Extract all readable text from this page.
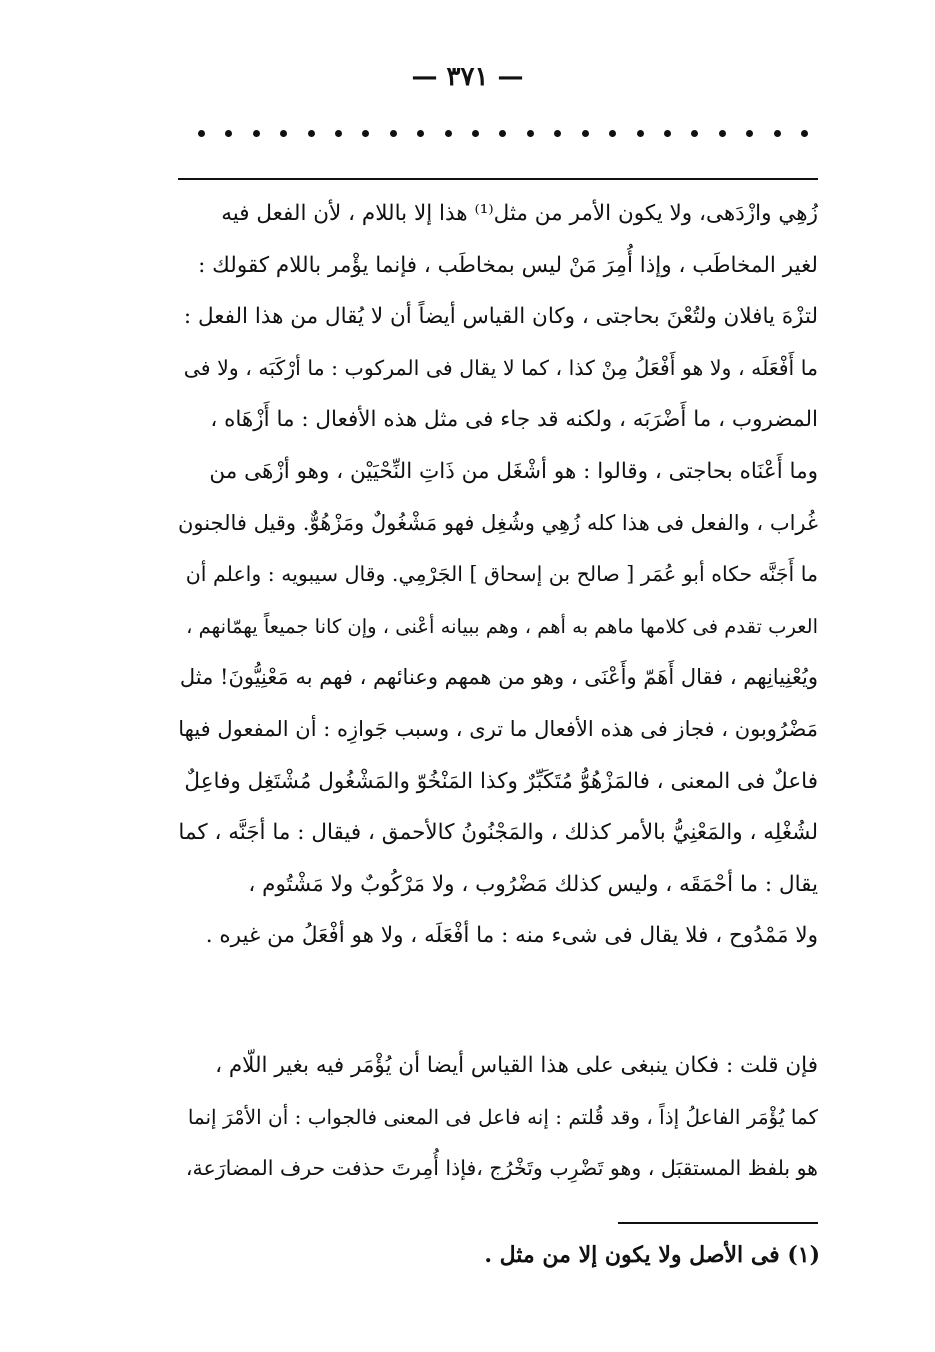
— ٣٧١ —
زُهِي وازْدَهى، ولا يكون الأمر من مثل⁽¹⁾ هذا إلا باللام ، لأن الفعل فيه
لغير المخاطَب ، وإذا أُمِرَ مَنْ ليس بمخاطَب ، فإنما يؤْمر باللام كقولك :
لتزْهَ يافلان ولتُعْنَ بحاجتى ، وكان القياس أيضاً أن لا يُقال من هذا الفعل :
ما أَفْعَلَه ، ولا هو أَفْعَلُ مِنْ كذا ، كما لا يقال فى المركوب : ما أرْكَبَه ، ولا فى
المضروب ، ما أَضْرَبَه ، ولكنه قد جاء فى مثل هذه الأفعال : ما أَزْهَاه ،
وما أَعْنَاه بحاجتى ، وقالوا : هو أشْغَل من ذَاتِ النِّحْيَيْن ، وهو أزْهَى من
غُراب ، والفعل فى هذا كله زُهِي وشُغِل فهو مَشْغُولٌ ومَزْهُوٌّ. وقيل فالجنون
ما أَجَنَّه حكاه أبو عُمَر [ صالح بن إسحاق ] الجَرْمِي. وقال سيبويه : واعلم أن
العرب تقدم فى كلامها ماهم به أهم ، وهم ببيانه أعْنى ، وإن كانا جميعاً يهمّانهم ،
ويُعْنِيانِهم ، فقال أَهَمّ وأَعْنَى ، وهو من همهم وعنائهم ، فهم به مَعْنِيُّونَ! مثل
مَضْرُوبون ، فجاز فى هذه الأفعال ما ترى ، وسبب جَوازِه : أن المفعول فيها
فاعلٌ فى المعنى ، فالمَزْهُوُّ مُتَكَبِّرٌ وكذا المَنْخُوّ والمَشْغُول مُشْتَغِل وفاعِلٌ
لشُغْلِه ، والمَعْنِيُّ بالأمر كذلك ، والمَجْنُونُ كالأحمق ، فيقال : ما أجَنَّه ، كما
يقال : ما أحْمَقَه ، وليس كذلك مَضْرُوب ، ولا مَرْكُوبٌ ولا مَشْتُوم ،
ولا مَمْدُوح ، فلا يقال فى شىء منه : ما أفْعَلَه ، ولا هو أفْعَلُ من غيره .
فإن قلت : فكان ينبغى على هذا القياس أيضا أن يُؤْمَر فيه بغير اللّام ،
كما يُؤْمَر الفاعلُ إذاً ، وقد قُلتم : إنه فاعل فى المعنى فالجواب : أن الأمْرَ إنما
هو بلفظ المستقبَل ، وهو تَضْرِب وتَخْرُج ،فإذا أُمِرتَ حذفت حرف المضارَعة،
(١) فى الأصل ولا يكون إلا من مثل .
